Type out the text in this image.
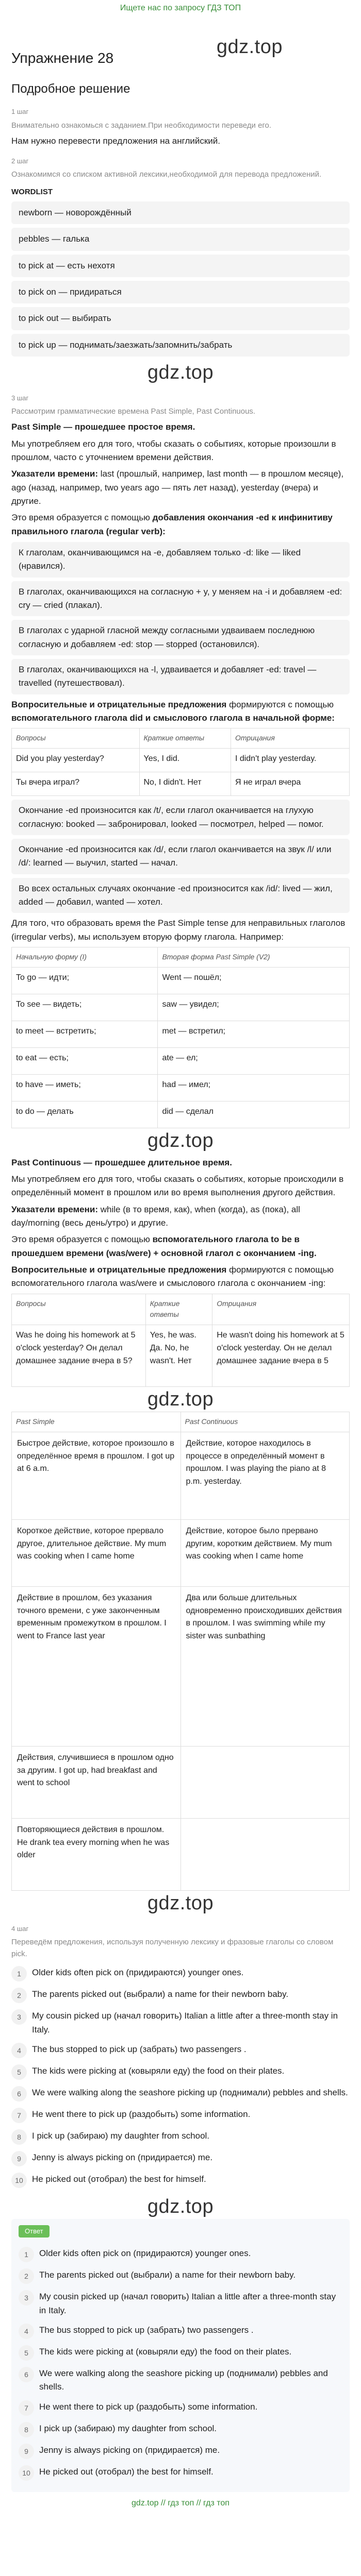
Ищете нас по запросу ГДЗ ТОП
gdz.top
Упражнение 28
Подробное решение
1 шаг
Внимательно ознакомься с заданием.При необходимости переведи его.

Нам нужно перевести предложения на английский.

2 шаг
Ознакомимся со списком активной лексики,необходимой для перевода предложений.
WORDLIST
newborn — новорождённый
pebbles — галька
to pick at — есть нехотя
to pick on — придираться
to pick out — выбирать
to pick up — поднимать/заезжать/запомнить/забрать
gdz.top
3 шаг
Рассмотрим грамматические времена Past Simple, Past Continuous.

Past Simple — прошедшее простое время.

Мы употребляем его для того, чтобы сказать о событиях, которые произошли в прошлом, часто с уточнением времени действия.

Указатели времени: last (прошлый, например, last month — в прошлом месяце), ago (назад, например, two years ago — пять лет назад), yesterday (вчера) и другие.

Это время образуется с помощью добавления окончания -ed к инфинитиву правильного глагола (regular verb):

К глаголам, оканчивающимся на -e, добавляем только -d: like — liked (нравился).
В глаголах, оканчивающихся на согласную + y, у меняем на -i и добавляем -ed: cry — cried (плакал).
В глаголах с ударной гласной между согласными удваиваем последнюю согласную и добавляем -ed: stop — stopped (остановился).
В глаголах, оканчивающихся на -l, удваивается и добавляет -ed: travel — travelled (путешествовал).

Вопросительные и отрицательные предложения формируются с помощью вспомогательного глагола did и смыслового глагола в начальной форме:

Вопросы	Краткие ответы	Отрицания
Did you play yesterday?	Yes, I did.	I didn't play yesterday.
Ты вчера играл?	No, I didn't. Нет	Я не играл вчера
Окончание -ed произносится как /t/, если глагол оканчивается на глухую согласную: booked — забронировал, looked — посмотрел, helped — помог.
Окончание -ed произносится как /d/, если глагол оканчивается на звук /l/ или /d/: learned — выучил, started — начал.
Во всех остальных случаях окончание -ed произносится как /id/: lived — жил, added — добавил, wanted — хотел.

Для того, что образовать время the Past Simple tense для неправильных глаголов (irregular verbs), мы используем вторую форму глагола. Например:

Начальную форму (I)	Вторая форма Past Simple (V2)
To go — идти;	Went — пошёл;
To see — видеть;	saw — увидел;
to meet — встретить;	met — встретил;
to eat — есть;	ate — ел;
to have — иметь;	had — имел;
to do — делать	did — сделал
gdz.top

Past Continuous — прошедшее длительное время.

Мы употребляем его для того, чтобы сказать о событиях, которые происходили в определённый момент в прошлом или во время выполнения другого действия.

Указатели времени: while (в то время, как), when (когда), as (пока), all day/morning (весь день/утро) и другие.

Это время образуется с помощью вспомогательного глагола to be в прошедшем времени (was/were) + основной глагол с окончанием -ing.

Вопросительные и отрицательные предложения формируются с помощью вспомогательного глагола was/were и смыслового глагола с окончанием -ing:

Вопросы	Краткие ответы	Отрицания
Was he doing his homework at 5 o'clock yesterday? Он делал домашнее задание вчера в 5?	Yes, he was. Да. No, he wasn't. Нет	He wasn't doing his homework at 5 o'clock yesterday. Он не делал домашнее задание вчера в 5
gdz.top
Past Simple	Past Continuous
Быстрое действие, которое произошло в определённое время в прошлом. I got up at 6 a.m.	Действие, которое находилось в процессе в определённый момент в прошлом. I was playing the piano at 8 p.m. yesterday.
Короткое действие, которое прервало другое, длительное действие. My mum was cooking when I came home	Действие, которое было прервано другим, коротким действием. My mum was cooking when I came home
Действие в прошлом, без указания точного времени, с уже законченным временным промежутком в прошлом. I went to France last year	Два или больше длительных одновременно происходивших действия в прошлом. I was swimming while my sister was sunbathing
Действия, случившиеся в прошлом одно за другим. I got up, had breakfast and went to school	
Повторяющиеся действия в прошлом. He drank tea every morning when he was older	
gdz.top
4 шаг
Переведём предложения, используя полученную лексику и фразовые глаголы со словом pick.
1	Older kids often pick on (придираются) younger ones.
2	The parents picked out (выбрали) a name for their newborn baby.
3	My cousin picked up (начал говорить) Italian a little after a three-month stay in Italy.
4	The bus stopped to pick up (забрать) two passengers .
5	The kids were picking at (ковыряли еду) the food on their plates.
6	We were walking along the seashore picking up (поднимали) pebbles and shells.
7	He went there to pick up (раздобыть) some information.
8	I pick up (забираю) my daughter from school.
9	Jenny is always picking on (придирается) me.
10	He picked out (отобрал) the best for himself.
gdz.top
Ответ
1	Older kids often pick on (придираются) younger ones.
2	The parents picked out (выбрали) a name for their newborn baby.
3	My cousin picked up (начал говорить) Italian a little after a three-month stay in Italy.
4	The bus stopped to pick up (забрать) two passengers .
5	The kids were picking at (ковыряли еду) the food on their plates.
6	We were walking along the seashore picking up (поднимали) pebbles and shells.
7	He went there to pick up (раздобыть) some information.
8	I pick up (забираю) my daughter from school.
9	Jenny is always picking on (придирается) me.
10	He picked out (отобрал) the best for himself.
gdz.top // гдз топ // гдз топ
